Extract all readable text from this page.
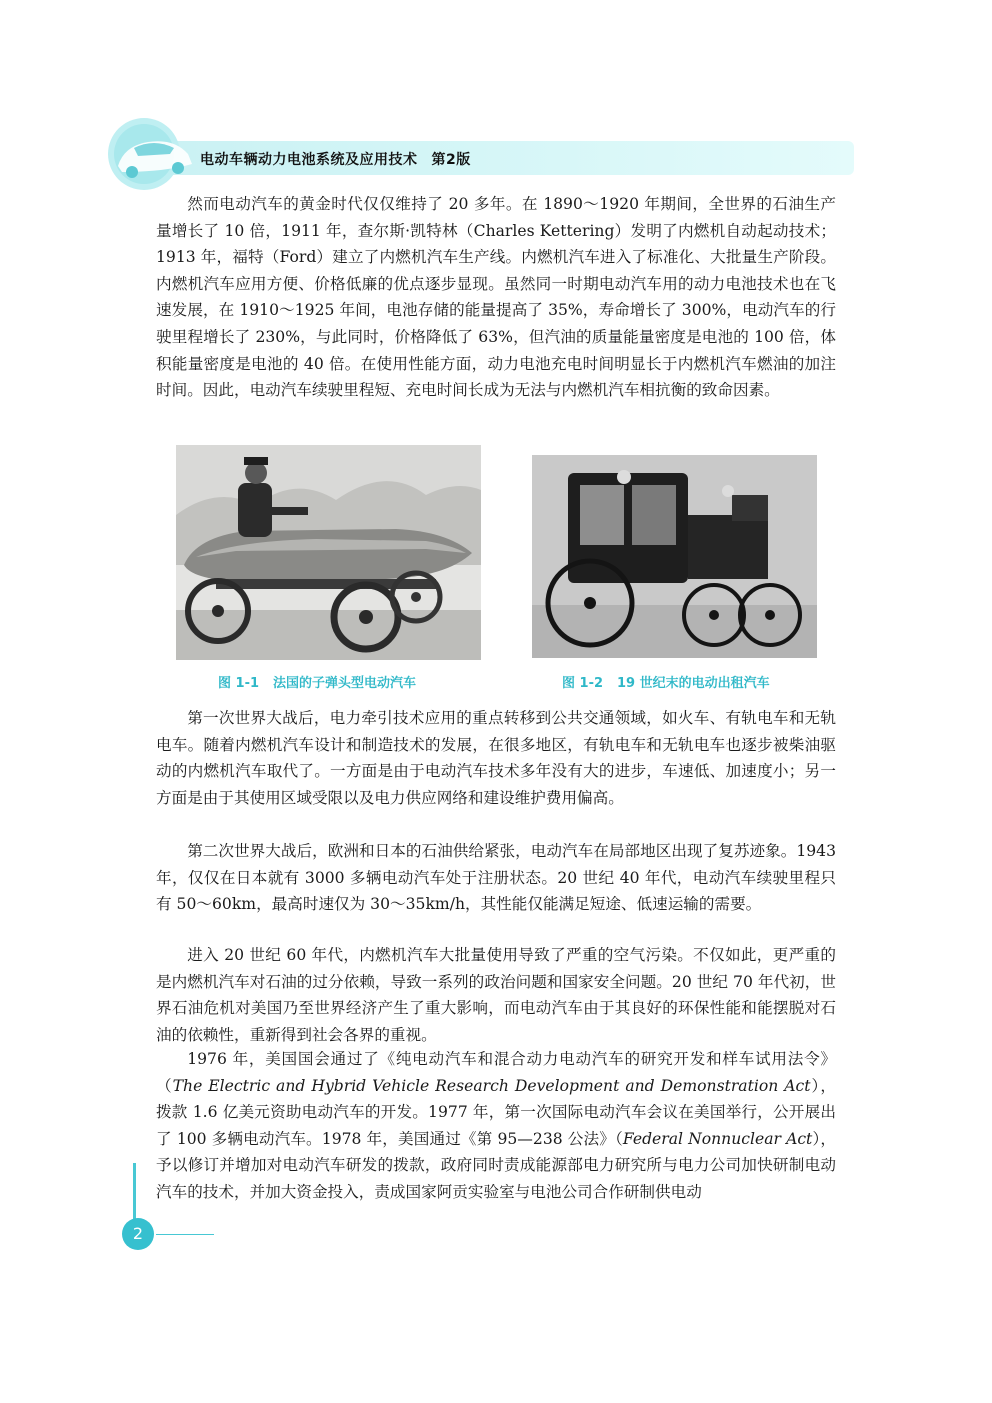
电动车辆动力电池系统及应用技术 第2版

然而电动汽车的黄金时代仅仅维持了 20 多年。在 1890～1920 年期间，全世界的石油生产量增长了 10 倍，1911 年，查尔斯·凯特林（Charles Kettering）发明了内燃机自动起动技术；1913 年，福特（Ford）建立了内燃机汽车生产线。内燃机汽车进入了标准化、大批量生产阶段。内燃机汽车应用方便、价格低廉的优点逐步显现。虽然同一时期电动汽车用的动力电池技术也在飞速发展，在 1910～1925 年间，电池存储的能量提高了 35%，寿命增长了 300%，电动汽车的行驶里程增长了 230%，与此同时，价格降低了 63%，但汽油的质量能量密度是电池的 100 倍，体积能量密度是电池的 40 倍。在使用性能方面，动力电池充电时间明显长于内燃机汽车燃油的加注时间。因此，电动汽车续驶里程短、充电时间长成为无法与内燃机汽车相抗衡的致命因素。

图 1-1 法国的子弹头型电动汽车	图 1-2 19 世纪末的电动出租汽车

第一次世界大战后，电力牵引技术应用的重点转移到公共交通领域，如火车、有轨电车和无轨电车。随着内燃机汽车设计和制造技术的发展，在很多地区，有轨电车和无轨电车也逐步被柴油驱动的内燃机汽车取代了。一方面是由于电动汽车技术多年没有大的进步，车速低、加速度小；另一方面是由于其使用区域受限以及电力供应网络和建设维护费用偏高。

第二次世界大战后，欧洲和日本的石油供给紧张，电动汽车在局部地区出现了复苏迹象。1943 年，仅仅在日本就有 3000 多辆电动汽车处于注册状态。20 世纪 40 年代，电动汽车续驶里程只有 50～60km，最高时速仅为 30～35km/h，其性能仅能满足短途、低速运输的需要。

进入 20 世纪 60 年代，内燃机汽车大批量使用导致了严重的空气污染。不仅如此，更严重的是内燃机汽车对石油的过分依赖，导致一系列的政治问题和国家安全问题。20 世纪 70 年代初，世界石油危机对美国乃至世界经济产生了重大影响，而电动汽车由于其良好的环保性能和能摆脱对石油的依赖性，重新得到社会各界的重视。

1976 年，美国国会通过了《纯电动汽车和混合动力电动汽车的研究开发和样车试用法令》（The Electric and Hybrid Vehicle Research Development and Demonstration Act），拨款 1.6 亿美元资助电动汽车的开发。1977 年，第一次国际电动汽车会议在美国举行，公开展出了 100 多辆电动汽车。1978 年，美国通过《第 95—238 公法》（Federal Nonnuclear Act），予以修订并增加对电动汽车研发的拨款，政府同时责成能源部电力研究所与电力公司加快研制电动汽车的技术，并加大资金投入，责成国家阿贡实验室与电池公司合作研制供电动

2
